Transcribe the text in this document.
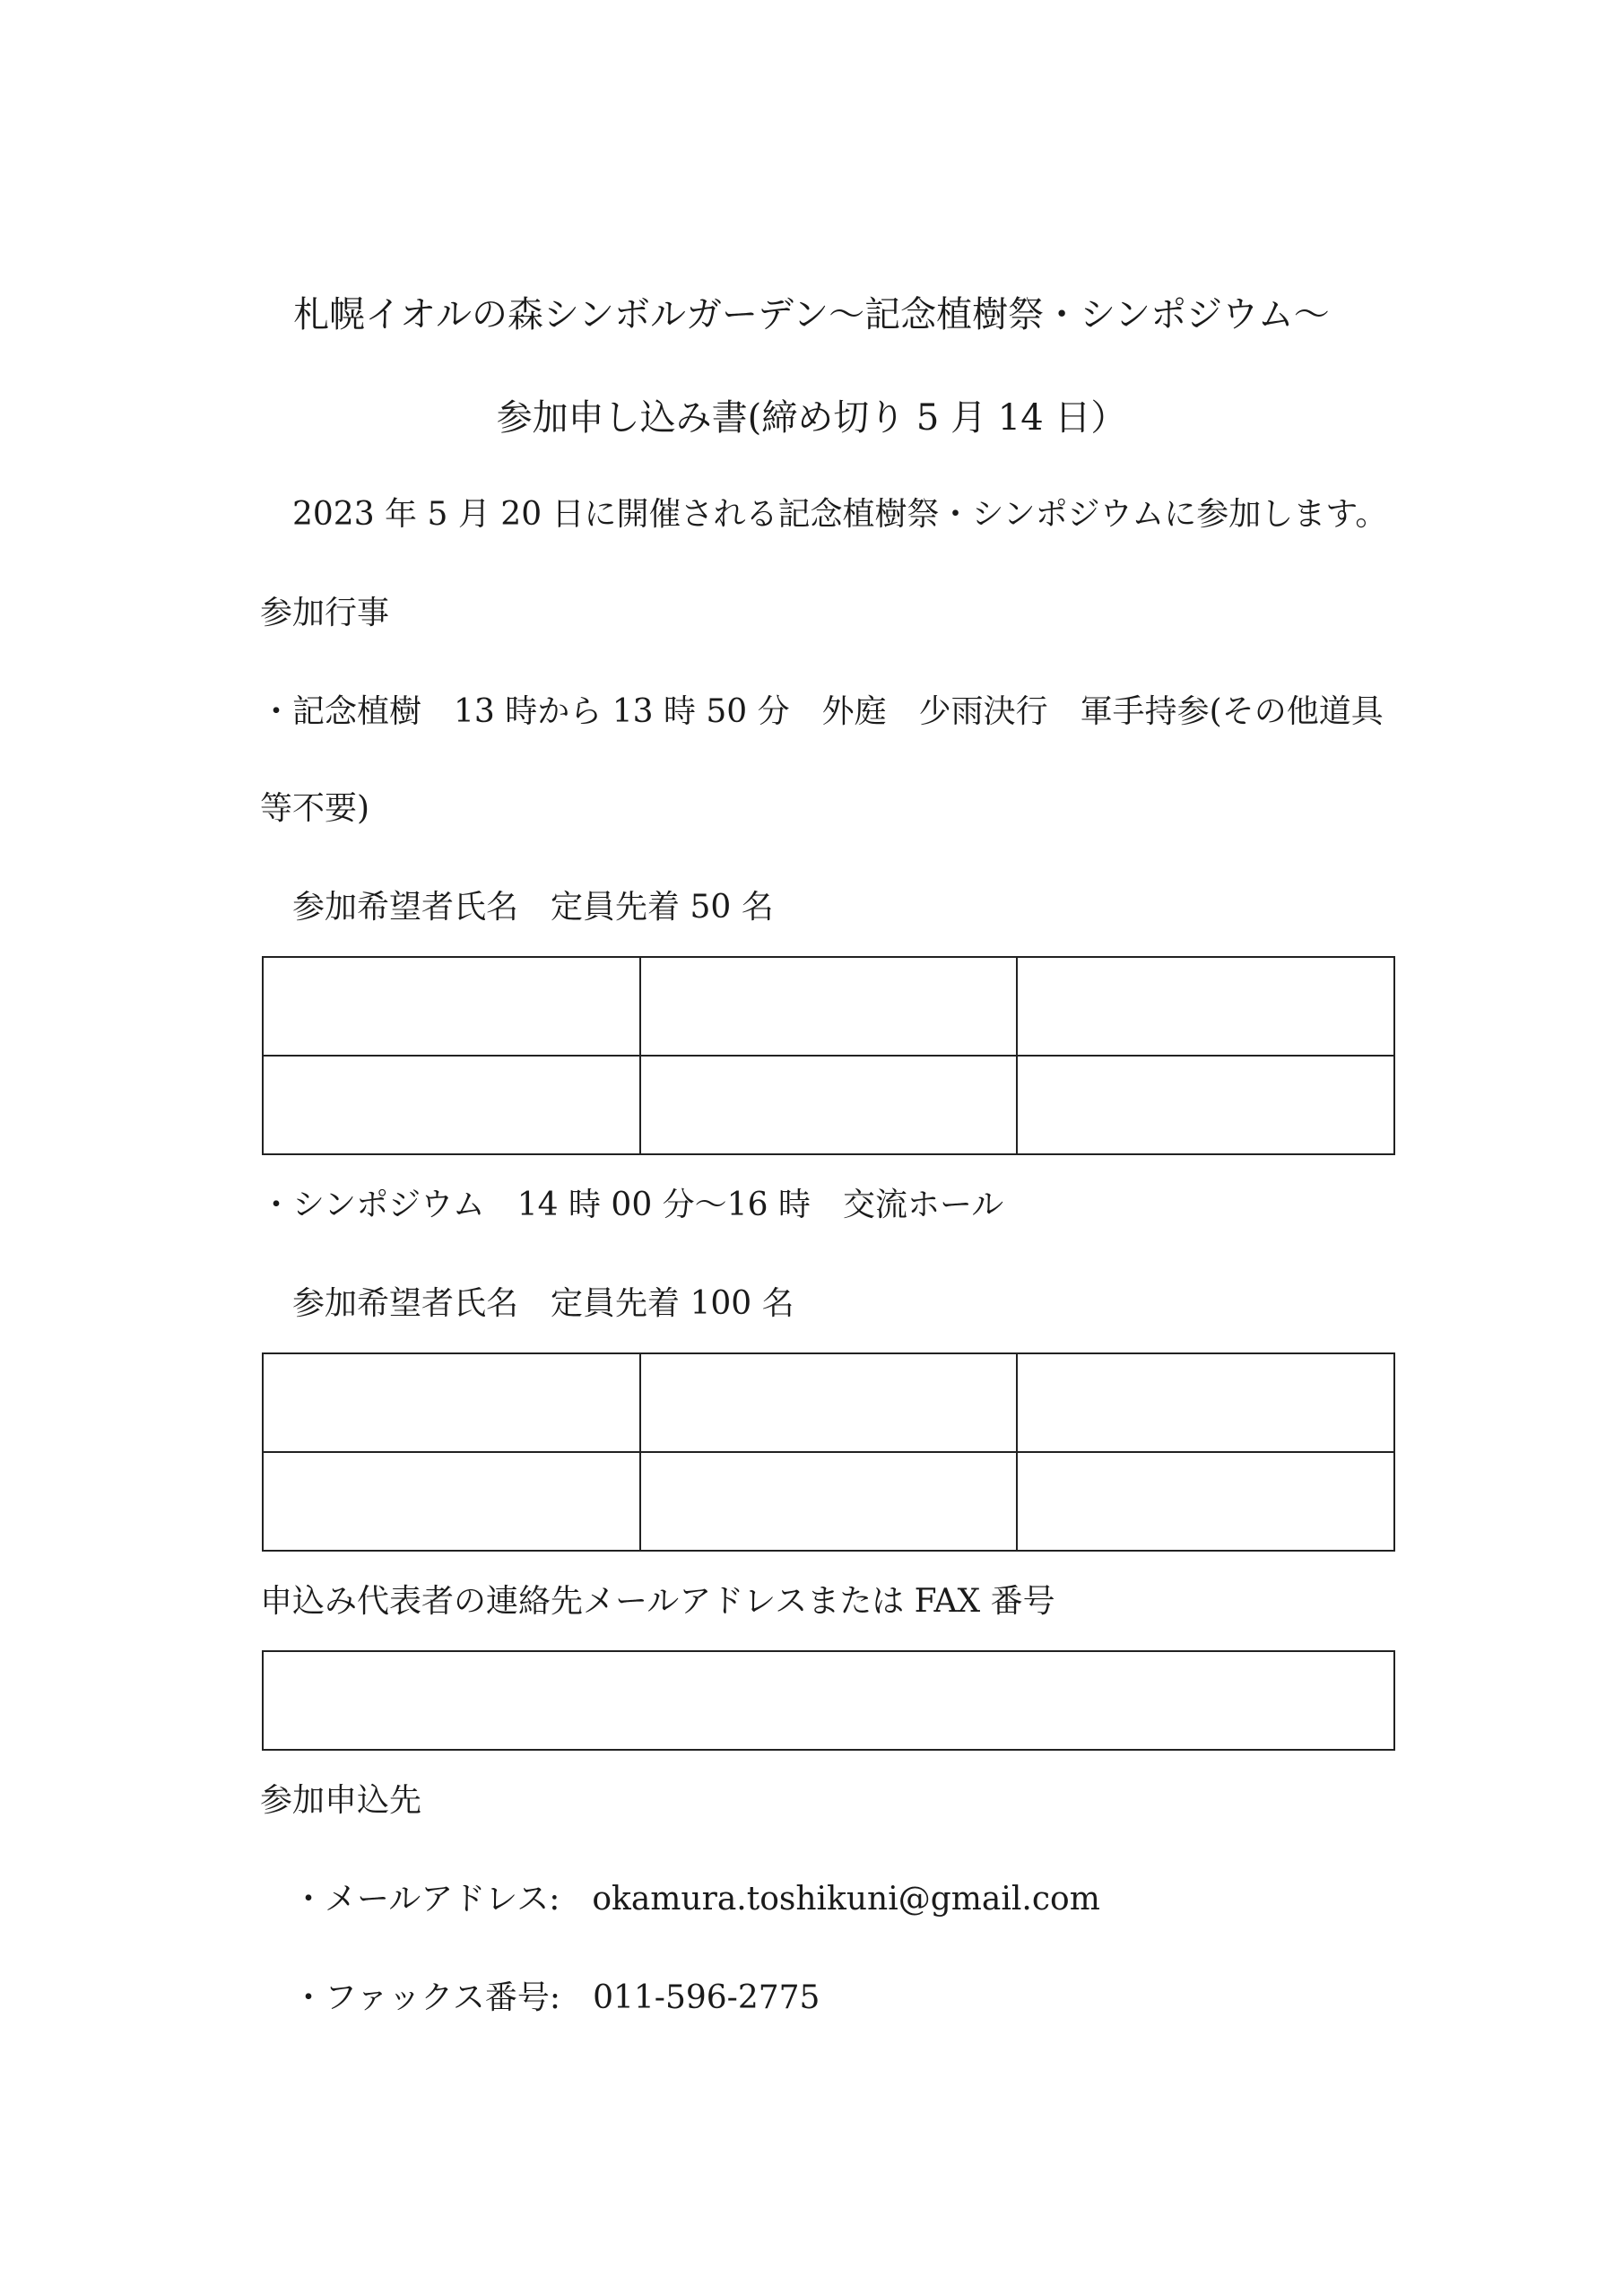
札幌イオルの森シンボルガーデン〜記念植樹祭・シンポジウム〜
参加申し込み書(締め切り 5 月 14 日）
2023 年 5 月 20 日に開催される記念植樹祭・シンポジウムに参加します。
参加行事
・記念植樹　13 時から 13 時 50 分　外庭　少雨決行　軍手持参(その他道具
等不要)
参加希望者氏名　定員先着 50 名

・シンポジウム　14 時 00 分〜16 時　交流ホール
参加希望者氏名　定員先着 100 名

申込み代表者の連絡先メールアドレスまたは FAX 番号
参加申込先
・メールアドレス: okamura.toshikuni@gmail.com
・ファックス番号: 011-596-2775
